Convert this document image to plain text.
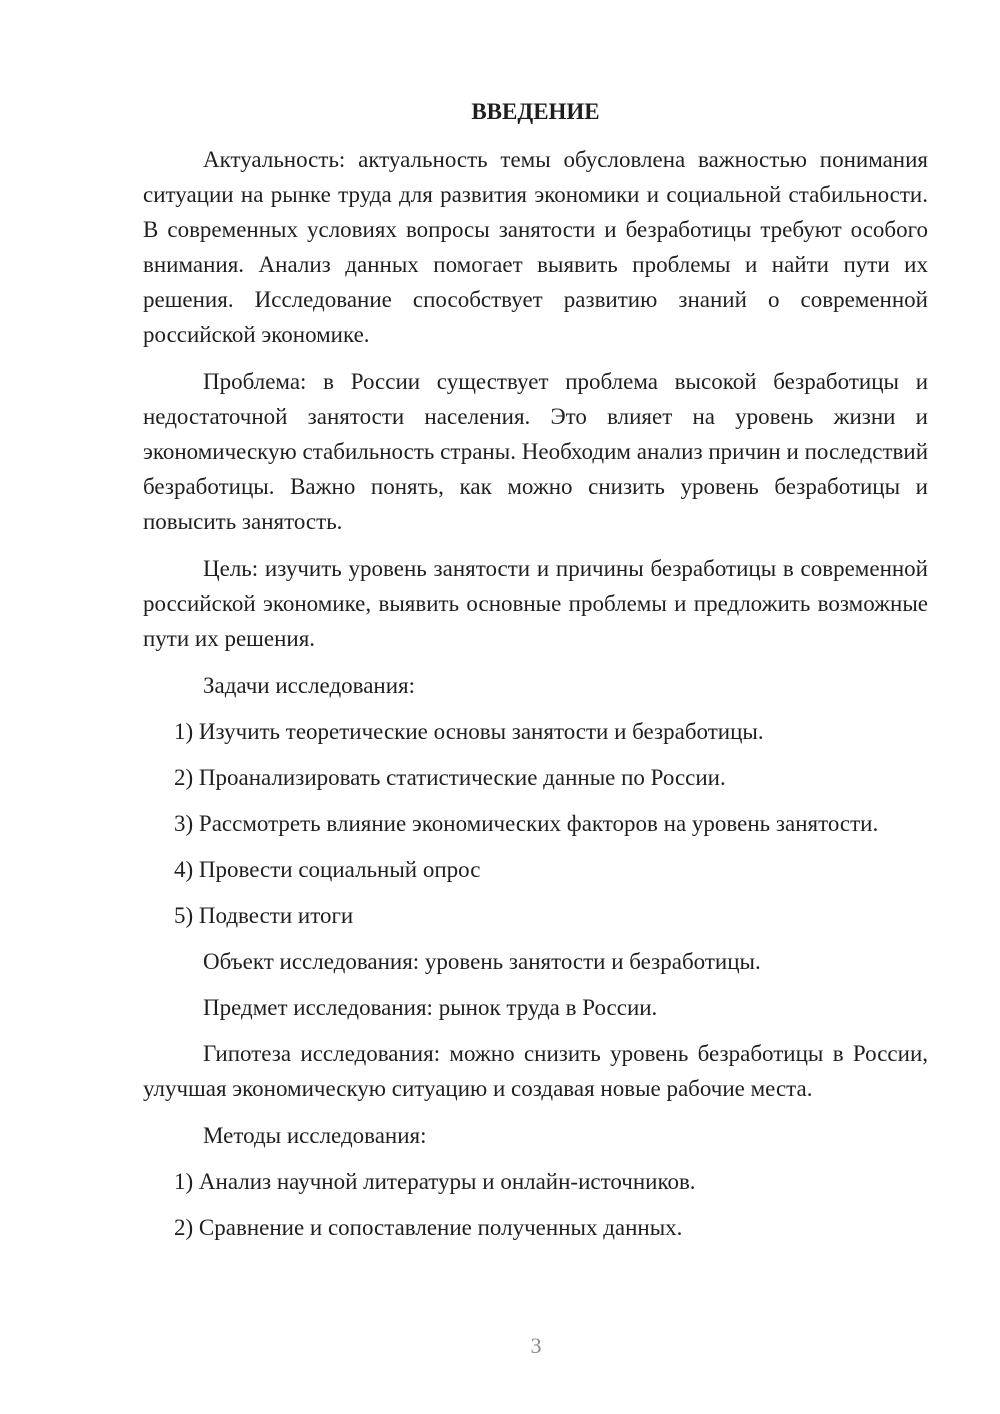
ВВЕДЕНИЕ

Актуальность: актуальность темы обусловлена важностью понимания ситуации на рынке труда для развития экономики и социальной стабильности. В современных условиях вопросы занятости и безработицы требуют особого внимания. Анализ данных помогает выявить проблемы и найти пути их решения. Исследование способствует развитию знаний о современной российской экономике.

Проблема: в России существует проблема высокой безработицы и недостаточной занятости населения. Это влияет на уровень жизни и экономическую стабильность страны. Необходим анализ причин и последствий безработицы. Важно понять, как можно снизить уровень безработицы и повысить занятость.

Цель: изучить уровень занятости и причины безработицы в современной российской экономике, выявить основные проблемы и предложить возможные пути их решения.

Задачи исследования:

1) Изучить теоретические основы занятости и безработицы.

2) Проанализировать статистические данные по России.

3) Рассмотреть влияние экономических факторов на уровень занятости.

4) Провести социальный опрос

5) Подвести итоги

Объект исследования: уровень занятости и безработицы.

Предмет исследования: рынок труда в России.

Гипотеза исследования: можно снизить уровень безработицы в России, улучшая экономическую ситуацию и создавая новые рабочие места.

Методы исследования:

1) Анализ научной литературы и онлайн-источников.

2) Сравнение и сопоставление полученных данных.

3
